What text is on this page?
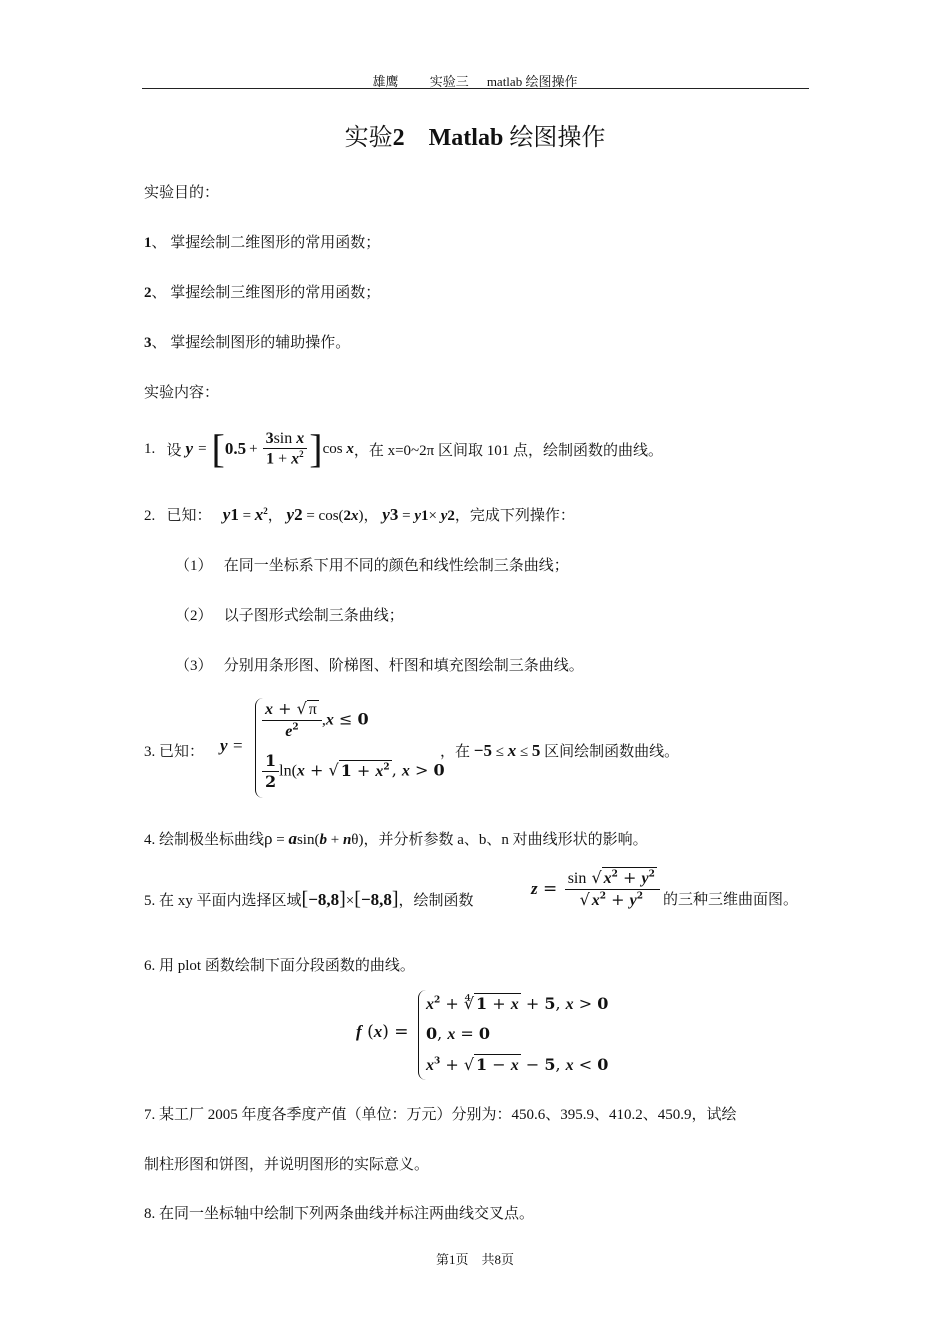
雄鹰 实验三 matlab 绘图操作
实验2 Matlab 绘图操作
实验目的：
1、 掌握绘制二维图形的常用函数；
2、 掌握绘制三维图形的常用函数；
3、 掌握绘制图形的辅助操作。
实验内容：
1.
设 y = [ $0.5 + \frac{\text{3sin x}}{1 + x^2}$ ] cos
x ，在 x=0~2π 区间取 101 点，绘制函数的曲线。
2. 已知： $y1 = x^2$， y2 = cos(2x)， y3 = y1× y2，完成下列操作：
（1） 在同一坐标系下用不同的颜色和线性绘制三条曲线；
（2） 以子图形式绘制三条曲线；
（3） 分别用条形图、阶梯图、杆图和填充图绘制三条曲线。
3. 已知： y =
$\frac{x + √ \pi}{e^2} ,x \le 0$
$\frac{1}{2} \ln(x$ + √ $1 + x^2$ , x > 0
，在 −5 ≤ x ≤ 5 区间绘制函数曲线。
4. 绘制极坐标曲线ρ = asin(b + nθ)，并分析参数 a、b、n 对曲线形状的影响。
5. 在 xy 平面内选择区域[−8,8]×[−8,8]，绘制函数
$z = \frac{\sin √ x^2 + y^2}{√ x^2 + y^2}$ 的三种三维曲面图。
6. 用 plot 函数绘制下面分段函数的曲线。
f (x) =
$x^2$ + ∜ 1 + x + 5, x > 0
0, x = 0
$x^3$ + √ 1 − x − 5, x < 0
7. 某工厂 2005 年度各季度产值（单位：万元）分别为：450.6、395.9、410.2、450.9，试绘
制柱形图和饼图，并说明图形的实际意义。
8. 在同一坐标轴中绘制下列两条曲线并标注两曲线交叉点。
第1页　共8页
